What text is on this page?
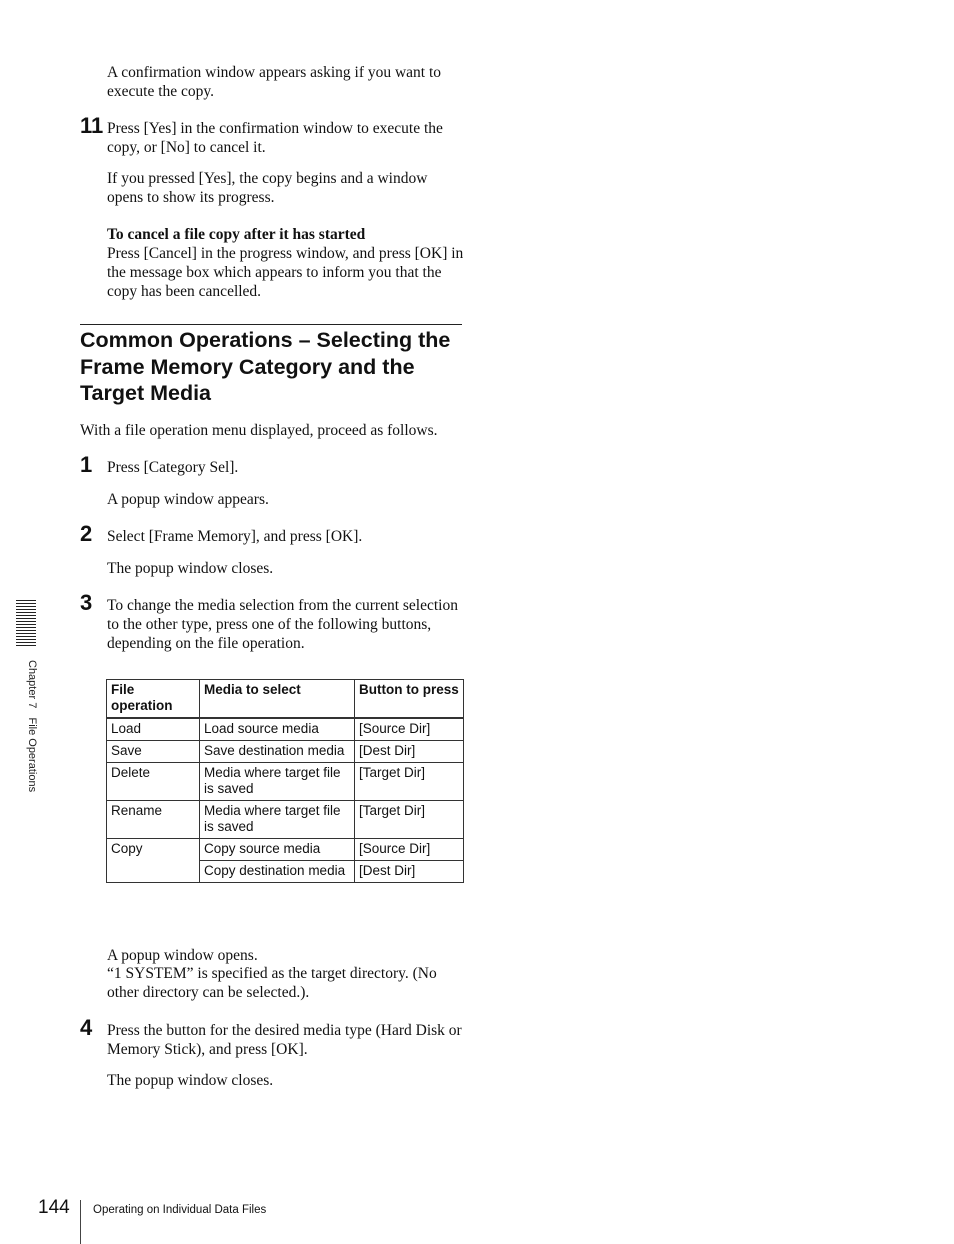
A confirmation window appears asking if you want to execute the copy.
11 Press [Yes] in the confirmation window to execute the copy, or [No] to cancel it.
If you pressed [Yes], the copy begins and a window opens to show its progress.
To cancel a file copy after it has started
Press [Cancel] in the progress window, and press [OK] in the message box which appears to inform you that the copy has been cancelled.
Common Operations – Selecting the Frame Memory Category and the Target Media
With a file operation menu displayed, proceed as follows.
1 Press [Category Sel].
A popup window appears.
2 Select [Frame Memory], and press [OK].
The popup window closes.
3 To change the media selection from the current selection to the other type, press one of the following buttons, depending on the file operation.
File operation	Media to select	Button to press
Load	Load source media	[Source Dir]
Save	Save destination media	[Dest Dir]
Delete	Media where target file is saved	[Target Dir]
Rename	Media where target file is saved	[Target Dir]
Copy	Copy source media	[Source Dir]
	Copy destination media	[Dest Dir]
A popup window opens.
“1 SYSTEM” is specified as the target directory. (No other directory can be selected.).
4 Press the button for the desired media type (Hard Disk or Memory Stick), and press [OK].
The popup window closes.
Chapter 7   File Operations
144 Operating on Individual Data Files
